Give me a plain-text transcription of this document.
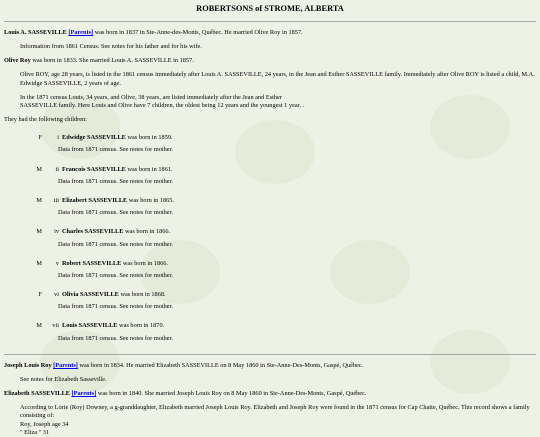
ROBERTSONS of STROME, ALBERTA

Louis A. SASSEVILLE [Parents] was born in 1837 in Ste-Anne-des-Monts, Québec. He married Olive Roy in 1857.

Information from 1861 Census. See notes for his father and for his wife.

Olive Roy was born in 1833. She married Louis A. SASSEVILLE in 1857.

Olive ROY, age 28 years, is listed in the 1861 census immediately after Louis A. SASSEVILLE, 24 years, in the Jean and Esther SASSEVILLE family. Immediately after Olive ROY is listed a child, M.A. Edwidge SASSEVILLE, 2 years of age.

In the 1871 census Louis, 34 years, and Olive, 38 years, are listed immediately after the Jean and Esther
SASSEVILLE family. Here Louis and Olive have 7 children, the oldest being 12 years and the youngest 1 year. .

They had the following children:

F	i Edwidge SASSEVILLE was born in 1859.
Data from 1871 census. See notes for mother.
M	ii Francois SASSEVILLE was born in 1861.
Data from 1871 census. See notes for mother.
M	iii Elizabert SASSEVILLE was born in 1865.
Data from 1871 census. See notes for mother.
M	iv Charles SASSEVILLE was born in 1866.
Data from 1871 census. See notes for mother.
M	v Robert SASSEVILLE was born in 1866.
Data from 1871 census. See notes for mother.
F	vi Olivia SASSEVILLE was born in 1868.
Data from 1871 census. See notes for mother.
M	vii Louis SASSEVILLE was born in 1870.
Data from 1871 census. See notes for mother.

Joseph Louis Roy [Parents] was born in 1834. He married Elizabeth SASSEVILLE on 8 May 1860 in Ste-Anne-Des-Monts, Gaspé, Québec.

See notes for Elizabeth Sasseville.

Elizabeth SASSEVILLE [Parents] was born in 1840. She married Joseph Louis Roy on 8 May 1860 in Ste-Anne-Des-Monts, Gaspé, Québec.

According to Lorie (Roy) Downey, a g-granddaughter, Elizabeth married Joseph Louis Roy. Elizabeth and Joseph Roy were found in the 1871 census for Cap Chatte, Québec. This record shows a family consisting of:
Roy, Joseph age 34
" Eliza " 31
